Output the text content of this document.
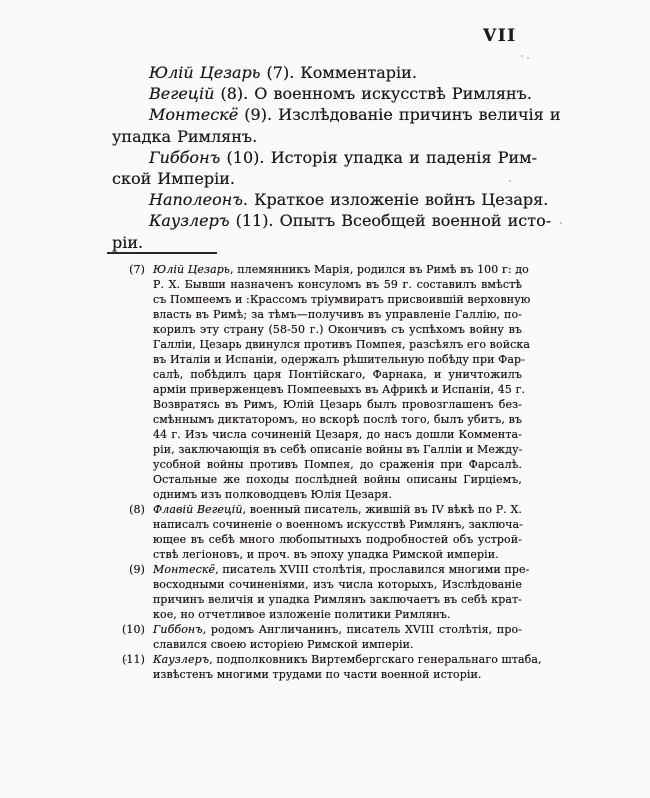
VII
Юлій Цезарь (7). Комментаріи.
Вегецій (8). О военномъ искусствѣ Римлянъ.
Монтескё (9). Изслѣдованіе причинъ величія и
упадка Римлянъ.
Гиббонъ (10). Исторія упадка и паденія Рим-
ской Имперіи.
Наполеонъ. Краткое изложеніе войнъ Цезаря.
Каузлеръ (11). Опытъ Всеобщей военной исто-
ріи.
(7) Юлій Цезарь, племянникъ Марія, родился въ Римѣ въ 100 г: до
Р. Х. Бывши назначенъ консуломъ въ 59 г. составилъ вмѣстѣ
съ Помпеемъ и :Крассомъ тріумвиратъ присвоившій верховную
власть въ Римѣ; за тѣмъ—получивъ въ управленіе Галлію, по-
корилъ эту страну (58-50 г.) Окончивъ съ успѣхомъ войну въ
Галліи, Цезарь двинулся противъ Помпея, разсѣялъ его войска
въ Италіи и Испаніи, одержалъ рѣшительную побѣду при Фар-
салѣ, побѣдилъ царя Понтійскаго, Фарнака, и уничтожилъ
арміи приверженцевъ Помпеевыхъ въ Африкѣ и Испаніи, 45 г.
Возвратясь въ Римъ, Юлій Цезарь былъ провозглашенъ без-
смѣннымъ диктаторомъ, но вскорѣ послѣ того, былъ убитъ, въ
44 г. Изъ числа сочиненій Цезаря, до насъ дошли Коммента-
ріи, заключающія въ себѣ описаніе войны въ Галліи и Между-
усобной войны противъ Помпея, до сраженія при Фарсалѣ.
Остальные же походы послѣдней войны описаны Гирціемъ,
однимъ изъ полководцевъ Юлія Цезаря.
(8) Флавій Вегецій, военный писатель, жившій въ IV вѣкѣ по Р. Х.
написалъ сочиненіе о военномъ искусствѣ Римлянъ, заключа-
ющее въ себѣ много любопытныхъ подробностей объ устрой-
ствѣ легіоновъ, и проч. въ эпоху упадка Римской имперіи.
(9) Монтескё, писатель XVIII столѣтія, прославился многими пре-
восходными сочиненіями, изъ числа которыхъ, Изслѣдованіе
причинъ величія и упадка Римлянъ заключаетъ въ себѣ крат-
кое, но отчетливое изложеніе политики Римлянъ.
(10) Гиббонъ, родомъ Англичанинъ, писатель XVIII столѣтія, про-
славился своею исторіею Римской имперіи.
(11) Каузлеръ, подполковникъ Виртембергскаго генеральнаго штаба,
извѣстенъ многими трудами по части военной исторіи.
